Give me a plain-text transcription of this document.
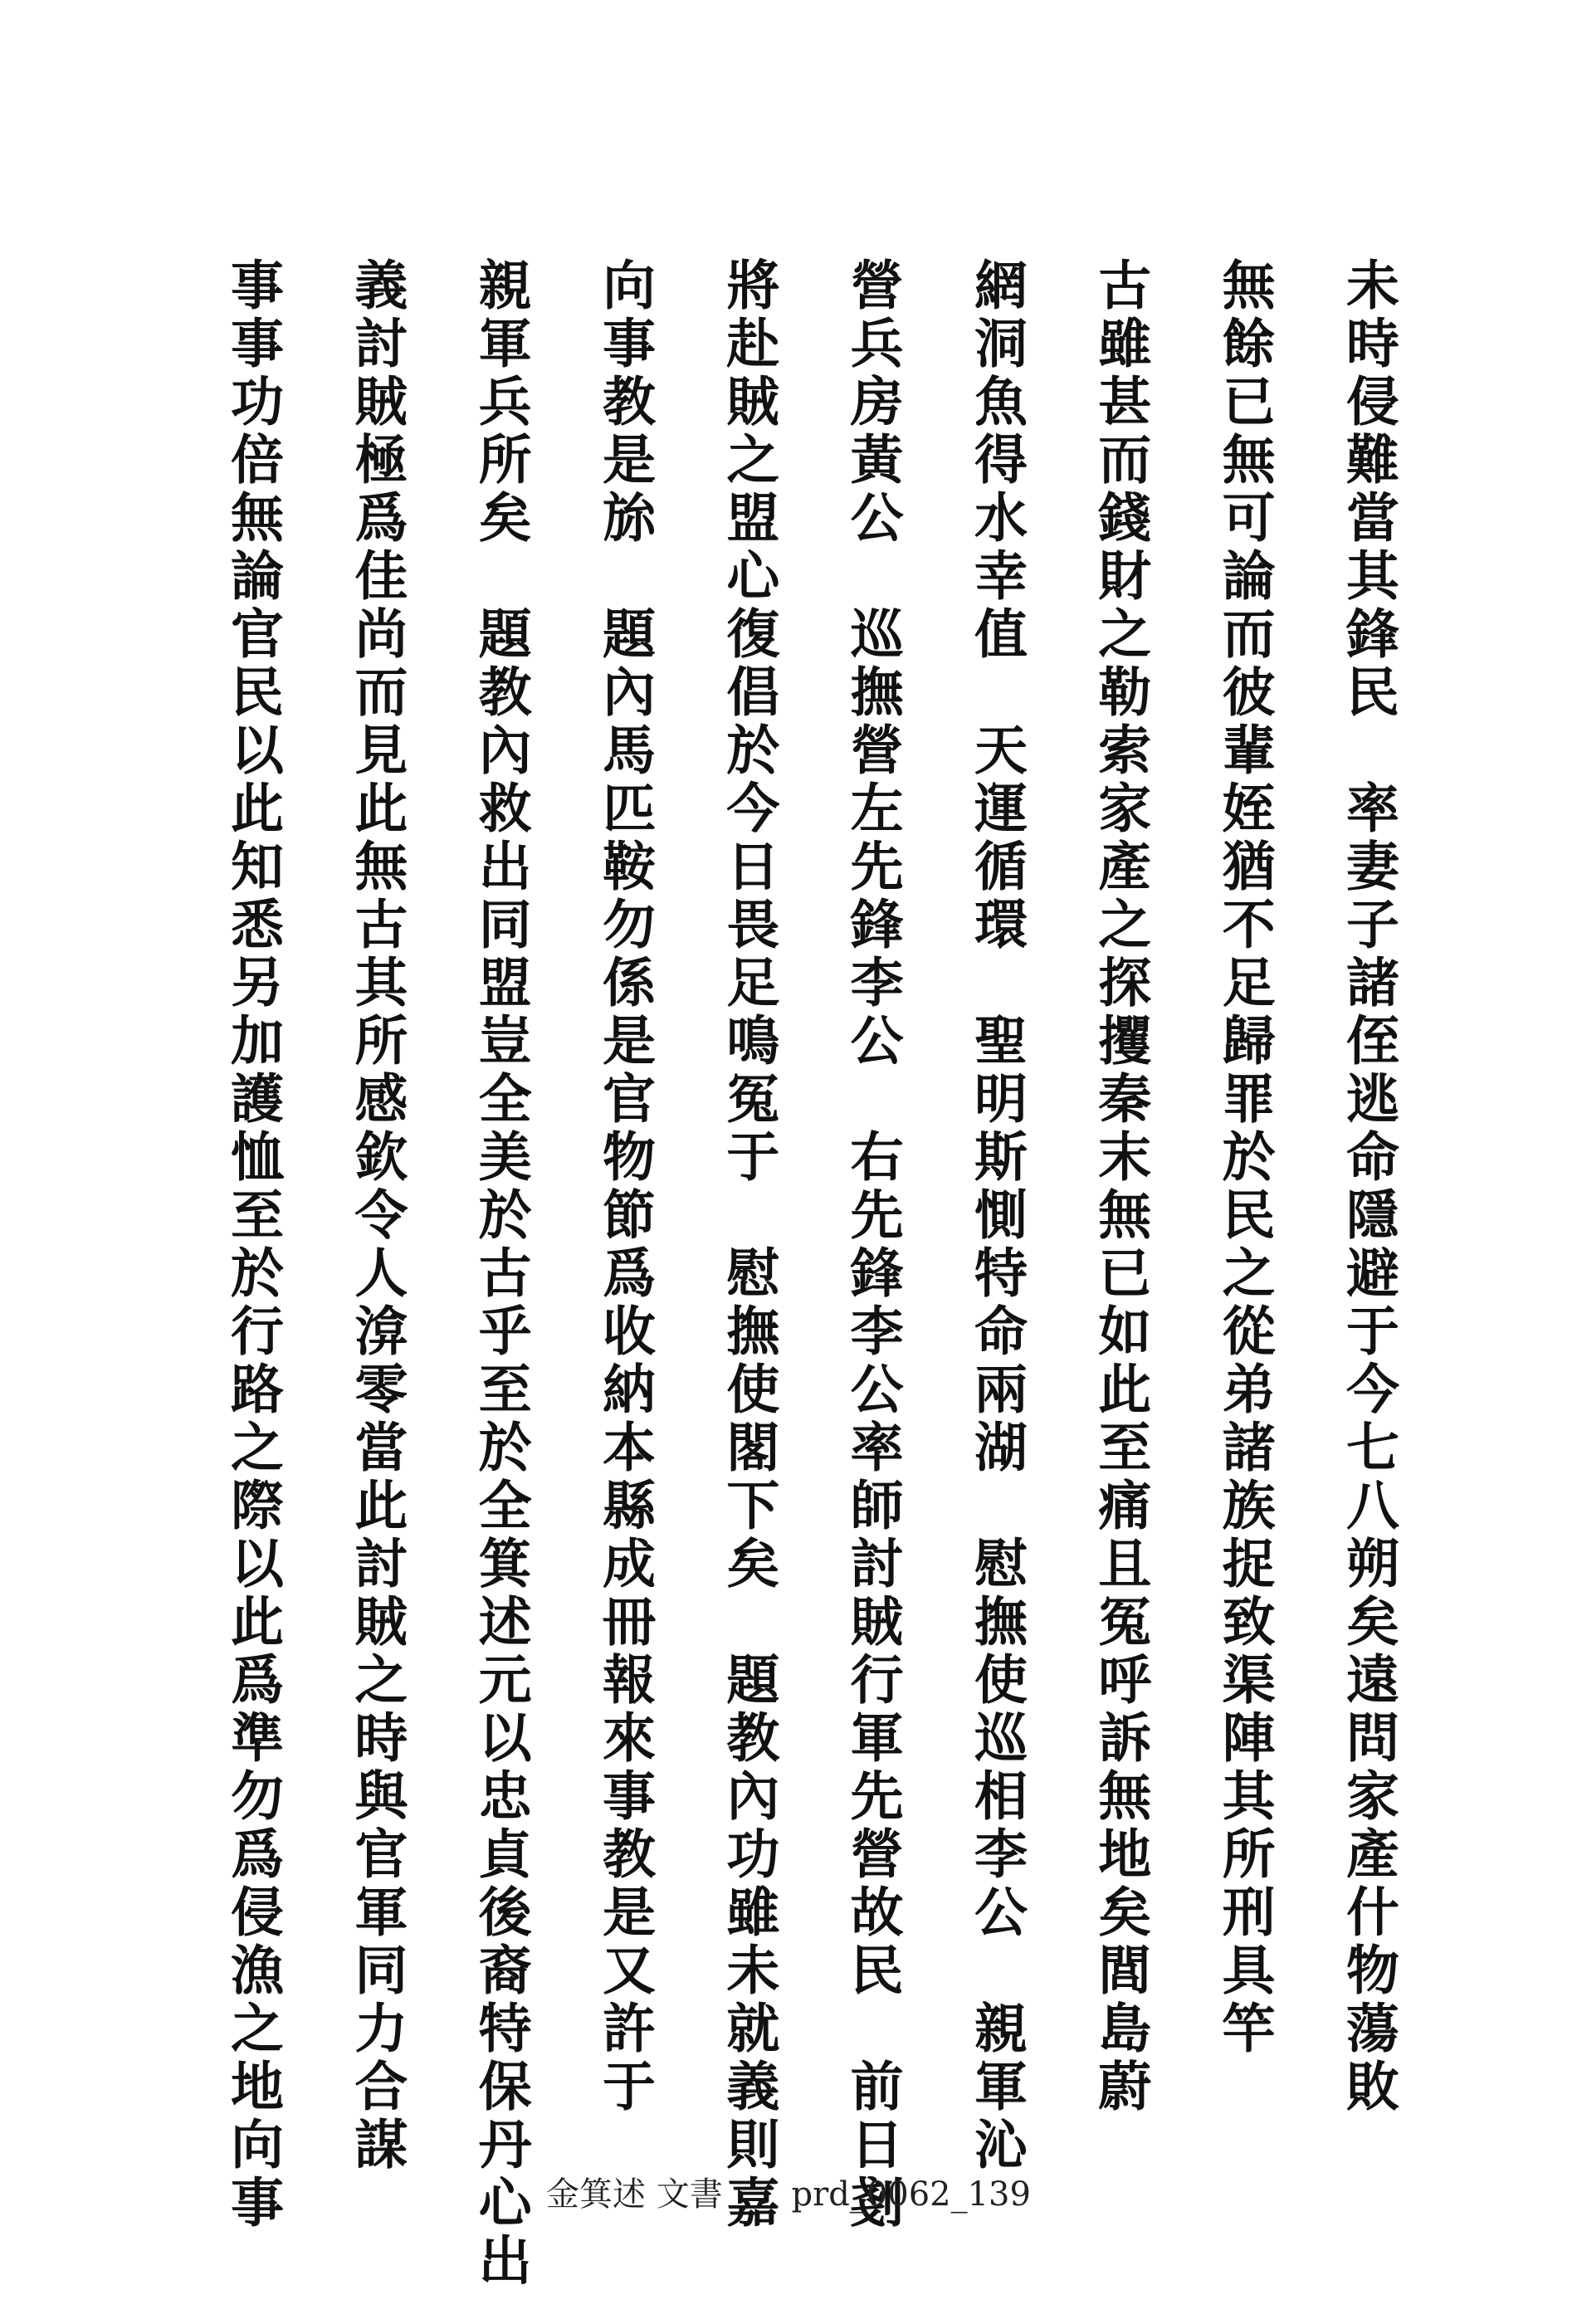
未時侵難當其鋒民　率妻子諸侄逃命隱避于今七八朔矣遠問家產什物蕩敗
無餘已無可論而彼輩姪猶不足歸罪於民之從弟諸族捉致渠陣其所刑具竿
古雖甚而錢財之勒索家產之探攫秦末無已如此至痛且冤呼訴無地矣閭島蔚
網洞魚得水幸值　天運循環　聖明斯惻特命兩湖　慰撫使巡相李公　親軍沁
營兵房黃公　巡撫營左先鋒李公　右先鋒李公率師討賊行軍先營故民　前日剗
將赴賊之盟心復倡於今日畏足鳴冤于　慰撫使閣下矣　題教內功雖未就義則嘉
向事教是旀　題內馬匹鞍勿係是官物節爲收納本縣成冊報來事教是又許于
親軍兵所矣　題教內救出同盟豈全美於古乎至於全箕述元以忠貞後裔特保丹心出
義討賊極爲佳尚而見此無古其所感欽令人渰零當此討賊之時與官軍同力合謀
事事功倍無論官民以此知悉另加護恤至於行路之際以此爲準勿爲侵漁之地向事	金箕述 文書 prd_0062_139
